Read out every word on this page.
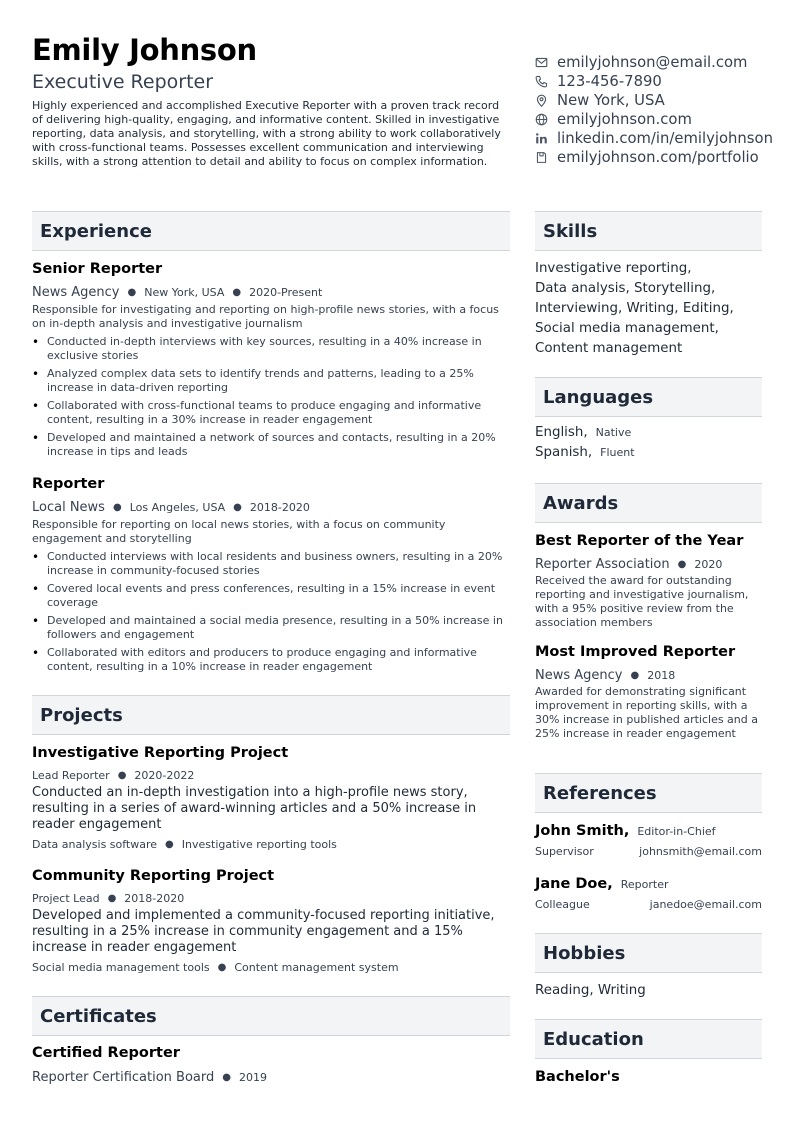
Emily Johnson
Executive Reporter
Highly experienced and accomplished Executive Reporter with a proven track record of delivering high-quality, engaging, and informative content. Skilled in investigative reporting, data analysis, and storytelling, with a strong ability to work collaboratively with cross-functional teams. Possesses excellent communication and interviewing skills, with a strong attention to detail and ability to focus on complex information.
emilyjohnson@email.com
123-456-7890
New York, USA
emilyjohnson.com
linkedin.com/in/emilyjohnson
emilyjohnson.com/portfolio
Experience
Senior Reporter
News Agency ● New York, USA ● 2020-Present
Responsible for investigating and reporting on high-profile news stories, with a focus on in-depth analysis and investigative journalism
• Conducted in-depth interviews with key sources, resulting in a 40% increase in exclusive stories
• Analyzed complex data sets to identify trends and patterns, leading to a 25% increase in data-driven reporting
• Collaborated with cross-functional teams to produce engaging and informative content, resulting in a 30% increase in reader engagement
• Developed and maintained a network of sources and contacts, resulting in a 20% increase in tips and leads
Reporter
Local News ● Los Angeles, USA ● 2018-2020
Responsible for reporting on local news stories, with a focus on community engagement and storytelling
• Conducted interviews with local residents and business owners, resulting in a 20% increase in community-focused stories
• Covered local events and press conferences, resulting in a 15% increase in event coverage
• Developed and maintained a social media presence, resulting in a 50% increase in followers and engagement
• Collaborated with editors and producers to produce engaging and informative content, resulting in a 10% increase in reader engagement
Projects
Investigative Reporting Project
Lead Reporter ● 2020-2022
Conducted an in-depth investigation into a high-profile news story, resulting in a series of award-winning articles and a 50% increase in reader engagement
Data analysis software ● Investigative reporting tools
Community Reporting Project
Project Lead ● 2018-2020
Developed and implemented a community-focused reporting initiative, resulting in a 25% increase in community engagement and a 15% increase in reader engagement
Social media management tools ● Content management system
Certificates
Certified Reporter
Reporter Certification Board ● 2019
Skills
Investigative reporting,
Data analysis, Storytelling,
Interviewing, Writing, Editing,
Social media management,
Content management
Languages
English, Native
Spanish, Fluent
Awards
Best Reporter of the Year
Reporter Association ● 2020
Received the award for outstanding reporting and investigative journalism, with a 95% positive review from the association members
Most Improved Reporter
News Agency ● 2018
Awarded for demonstrating significant improvement in reporting skills, with a 30% increase in published articles and a 25% increase in reader engagement
References
John Smith, Editor-in-Chief
Supervisor	johnsmith@email.com
Jane Doe, Reporter
Colleague	janedoe@email.com
Hobbies
Reading, Writing
Education
Bachelor's
